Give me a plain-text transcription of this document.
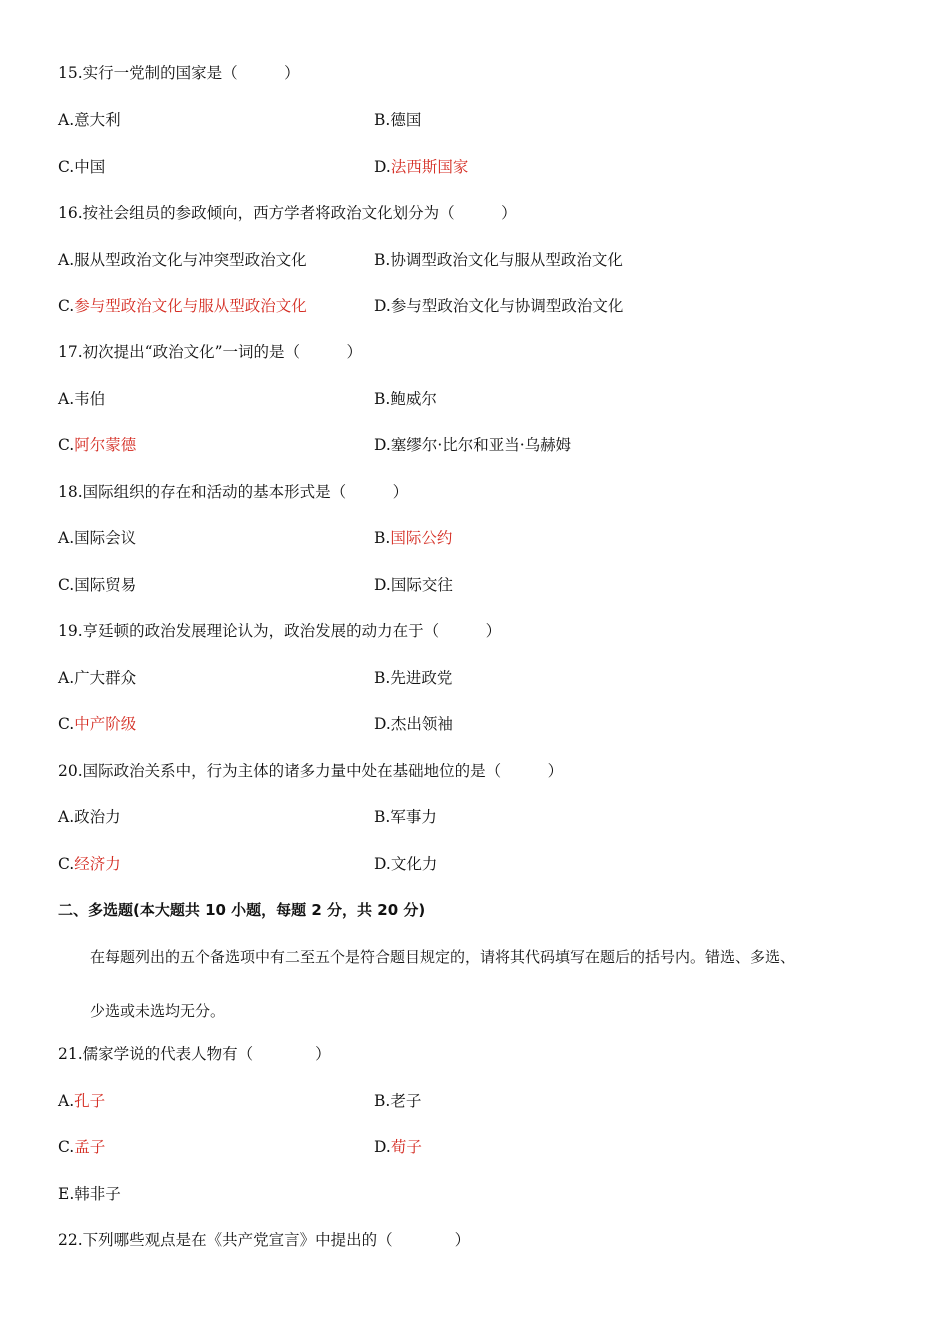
15.实行一党制的国家是（　　　）
A.意大利	B.德国
C.中国	D.法西斯国家
16.按社会组员的参政倾向，西方学者将政治文化划分为（　　　）
A.服从型政治文化与冲突型政治文化	B.协调型政治文化与服从型政治文化
C.参与型政治文化与服从型政治文化	D.参与型政治文化与协调型政治文化
17.初次提出“政治文化”一词的是（　　　）
A.韦伯	B.鲍威尔
C.阿尔蒙德	D.塞缪尔·比尔和亚当·乌赫姆
18.国际组织的存在和活动的基本形式是（　　　）
A.国际会议	B.国际公约
C.国际贸易	D.国际交往
19.亨廷顿的政治发展理论认为，政治发展的动力在于（　　　）
A.广大群众	B.先进政党
C.中产阶级	D.杰出领袖
20.国际政治关系中，行为主体的诸多力量中处在基础地位的是（　　　）
A.政治力	B.军事力
C.经济力	D.文化力
二、多选题(本大题共 10 小题，每题 2 分，共 20 分)
在每题列出的五个备选项中有二至五个是符合题目规定的，请将其代码填写在题后的括号内。错选、多选、
少选或未选均无分。
21.儒家学说的代表人物有（　　　　）
A.孔子	B.老子
C.孟子	D.荀子
E.韩非子
22.下列哪些观点是在《共产党宣言》中提出的（　　　　）
